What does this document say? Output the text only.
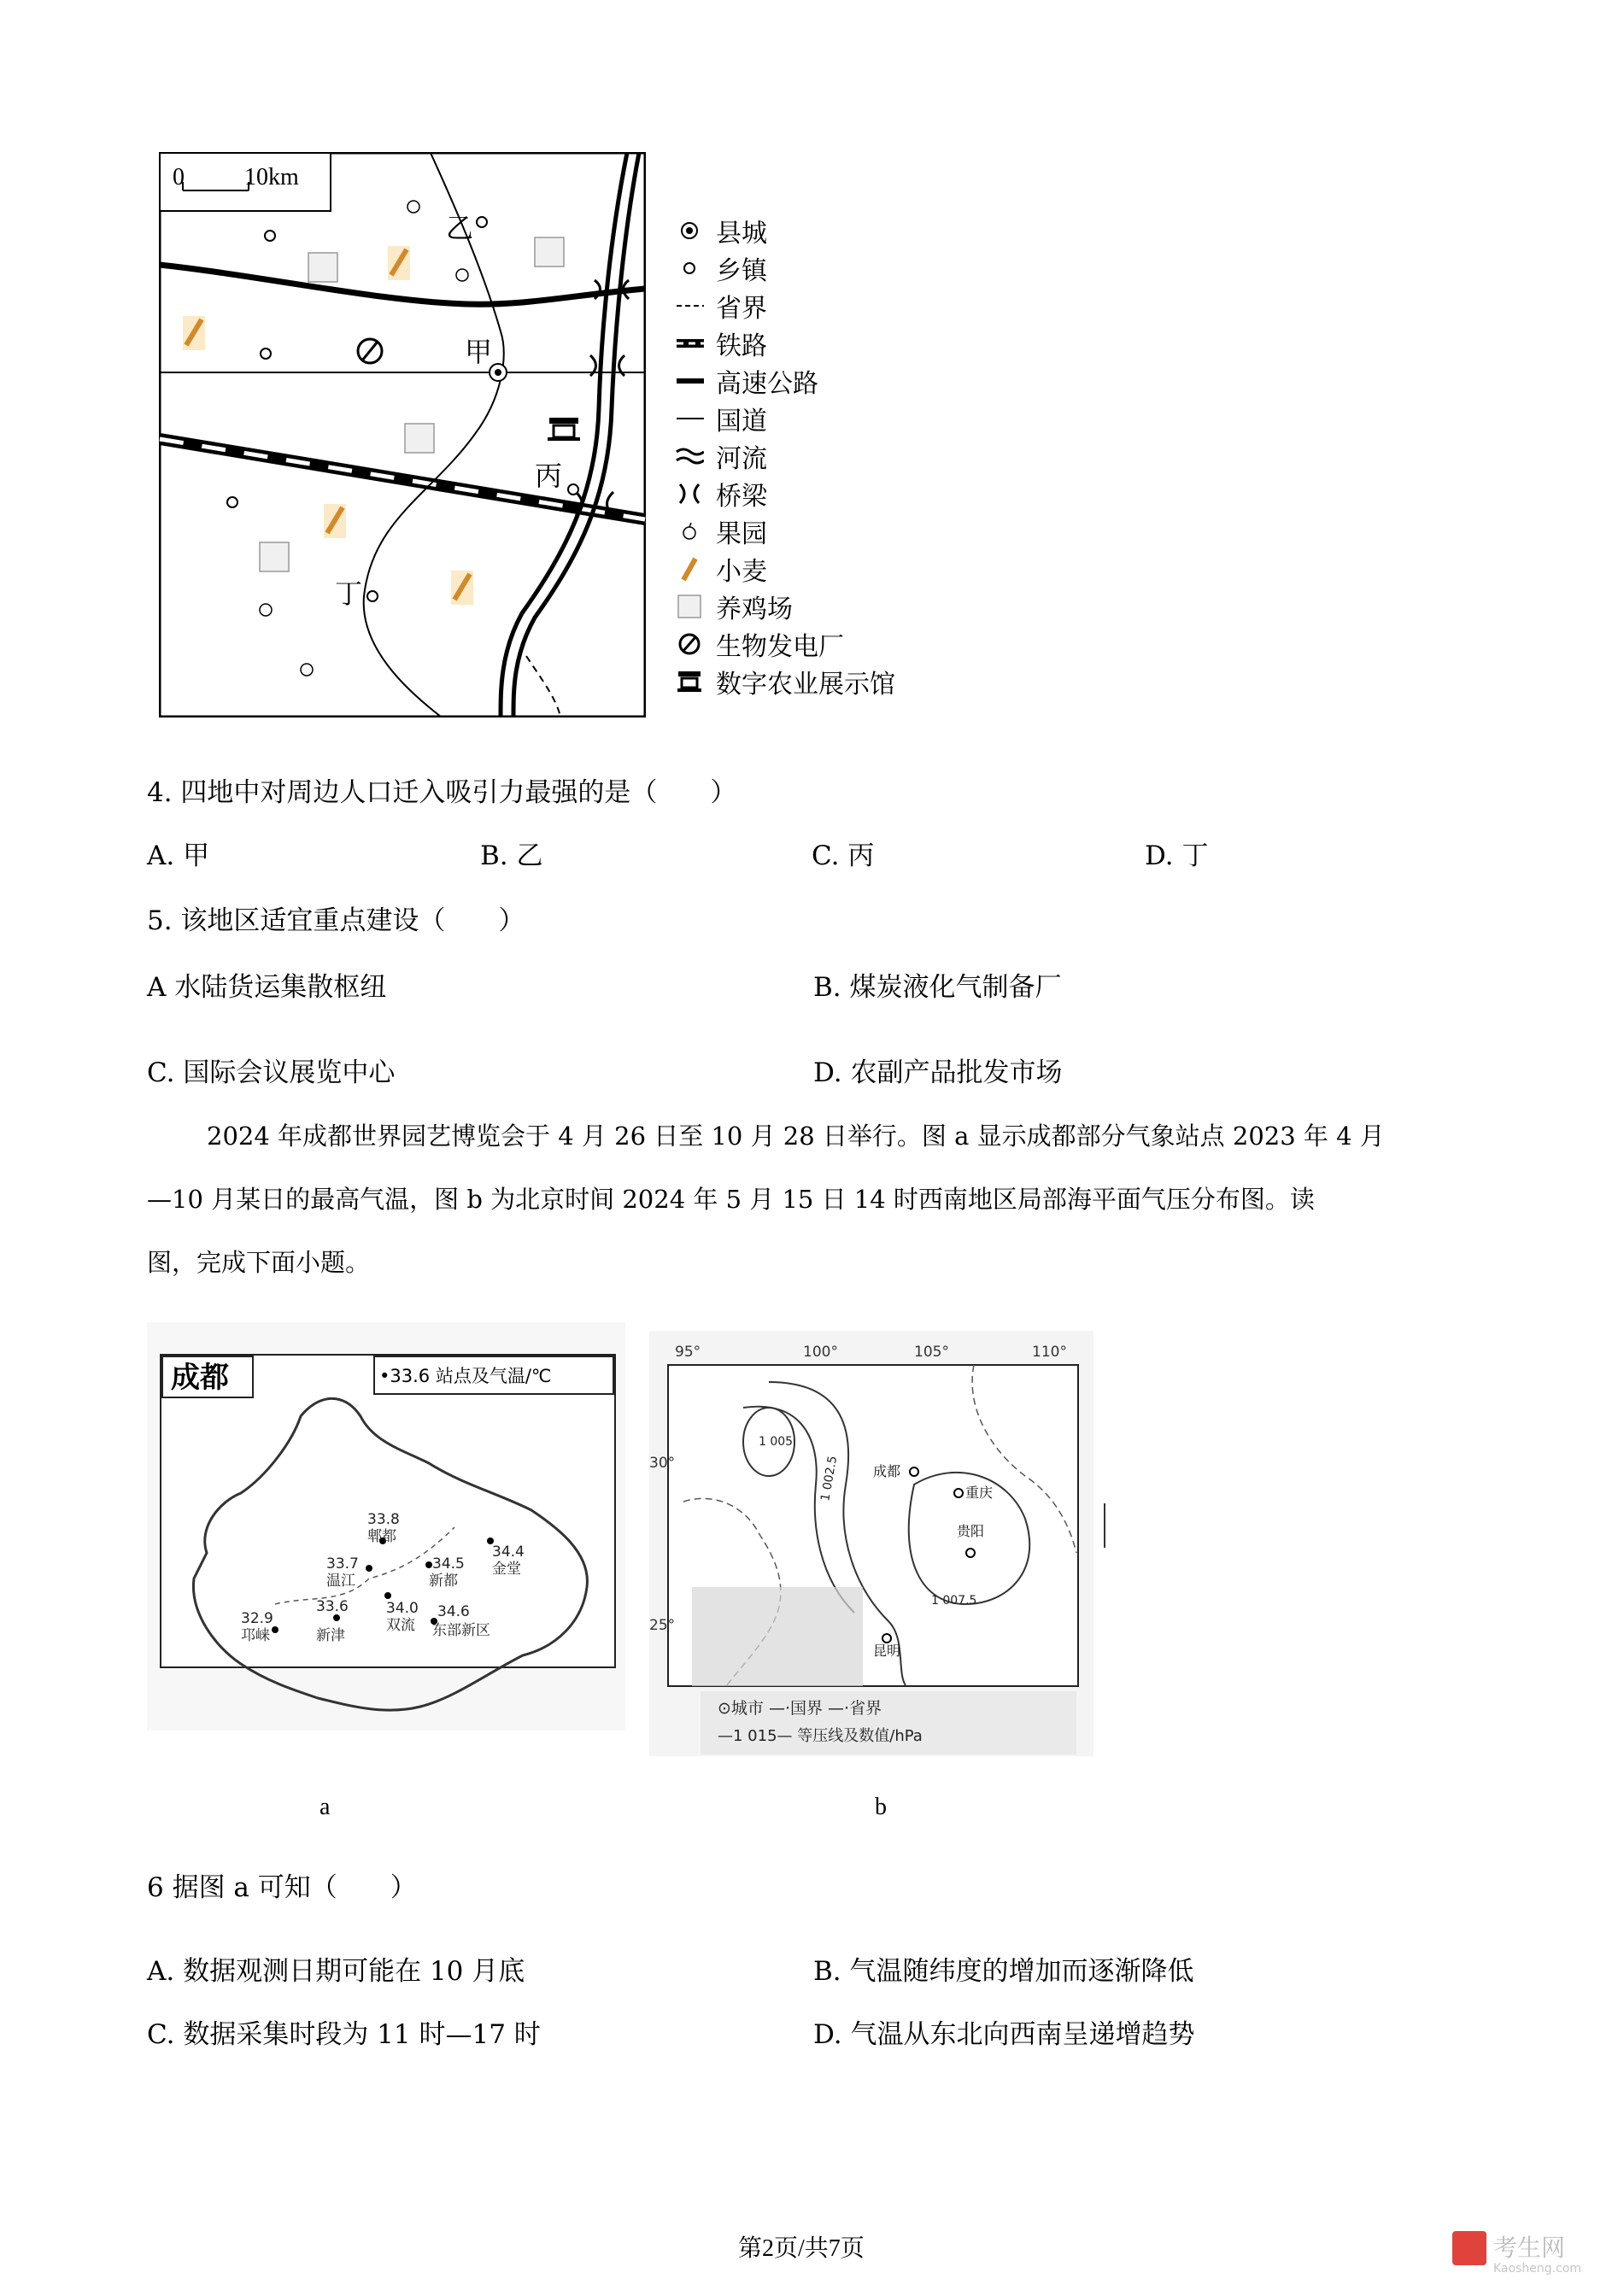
0	10km
乙
甲
丙
丁
县城
乡镇
省界
铁路
高速公路
国道
河流
桥梁
果园
小麦
养鸡场
生物发电厂
数字农业展示馆
4. 四地中对周边人口迁入吸引力最强的是（　　）
A. 甲	B. 乙	C. 丙	D. 丁
5. 该地区适宜重点建设（　　）
A 水陆货运集散枢纽	B. 煤炭液化气制备厂
C. 国际会议展览中心	D. 农副产品批发市场
2024 年成都世界园艺博览会于 4 月 26 日至 10 月 28 日举行。图 a 显示成都部分气象站点 2023 年 4 月
—10 月某日的最高气温，图 b 为北京时间 2024 年 5 月 15 日 14 时西南地区局部海平面气压分布图。读
图，完成下面小题。
成都	•33.6 站点及气温/℃
33.8
郫都
33.7
温江
34.5
新都
34.4
金堂
34.0
双流
33.6
新津
32.9
邛崃
34.6
东部新区
a
95°	100°	105°	110°
30°
25°
1 005
1 002.5
1 007.5
成都
重庆
贵阳
昆明
⊙城市 —·国界 —·省界
—1 015— 等压线及数值/hPa
b
6 据图 a 可知（　　）
A. 数据观测日期可能在 10 月底	B. 气温随纬度的增加而逐渐降低
C. 数据采集时段为 11 时—17 时	D. 气温从东北向西南呈递增趋势
第2页/共7页	考生网
Kaosheng.com
